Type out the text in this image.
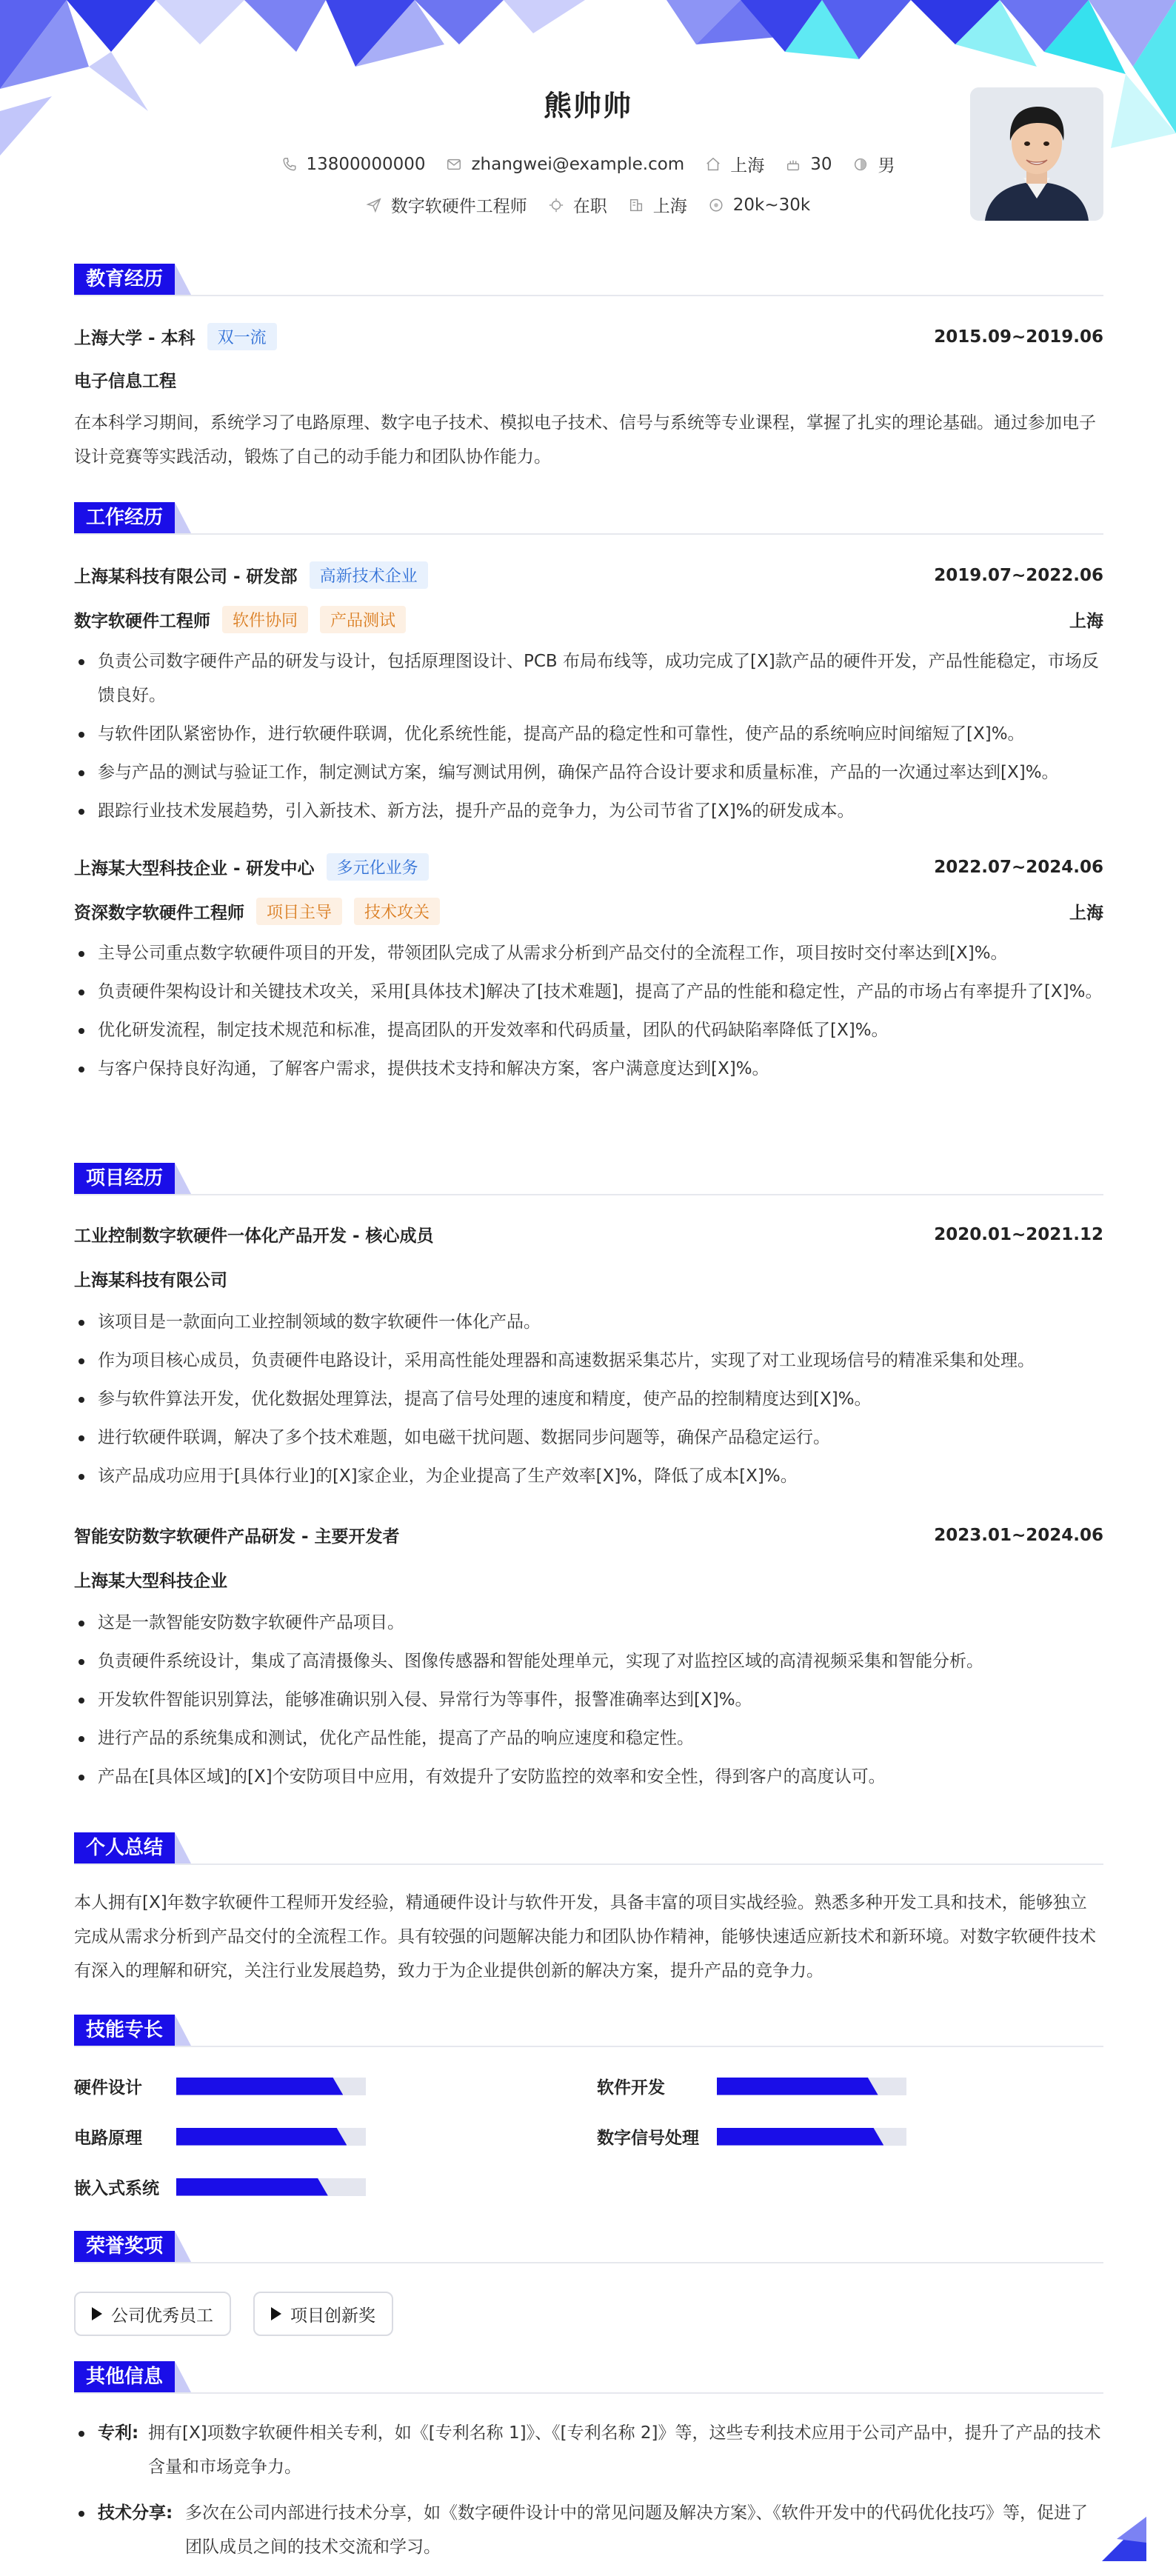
熊帅帅
13800000000	zhangwei@example.com	上海	30	男
数字软硬件工程师	在职	上海	20k~30k
教育经历
上海大学 - 本科	双一流	2015.09~2019.06
电子信息工程
在本科学习期间，系统学习了电路原理、数字电子技术、模拟电子技术、信号与系统等专业课程，掌握了扎实的理论基础。通过参加电子设计竞赛等实践活动，锻炼了自己的动手能力和团队协作能力。
工作经历
上海某科技有限公司 - 研发部	高新技术企业	2019.07~2022.06
数字软硬件工程师	软件协同	产品测试	上海
负责公司数字硬件产品的研发与设计，包括原理图设计、PCB 布局布线等，成功完成了[X]款产品的硬件开发，产品性能稳定，市场反馈良好。
与软件团队紧密协作，进行软硬件联调，优化系统性能，提高产品的稳定性和可靠性，使产品的系统响应时间缩短了[X]%。
参与产品的测试与验证工作，制定测试方案，编写测试用例，确保产品符合设计要求和质量标准，产品的一次通过率达到[X]%。
跟踪行业技术发展趋势，引入新技术、新方法，提升产品的竞争力，为公司节省了[X]%的研发成本。
上海某大型科技企业 - 研发中心	多元化业务	2022.07~2024.06
资深数字软硬件工程师	项目主导	技术攻关	上海
主导公司重点数字软硬件项目的开发，带领团队完成了从需求分析到产品交付的全流程工作，项目按时交付率达到[X]%。
负责硬件架构设计和关键技术攻关，采用[具体技术]解决了[技术难题]，提高了产品的性能和稳定性，产品的市场占有率提升了[X]%。
优化研发流程，制定技术规范和标准，提高团队的开发效率和代码质量，团队的代码缺陷率降低了[X]%。
与客户保持良好沟通，了解客户需求，提供技术支持和解决方案，客户满意度达到[X]%。
项目经历
工业控制数字软硬件一体化产品开发 - 核心成员	2020.01~2021.12
上海某科技有限公司
该项目是一款面向工业控制领域的数字软硬件一体化产品。
作为项目核心成员，负责硬件电路设计，采用高性能处理器和高速数据采集芯片，实现了对工业现场信号的精准采集和处理。
参与软件算法开发，优化数据处理算法，提高了信号处理的速度和精度，使产品的控制精度达到[X]%。
进行软硬件联调，解决了多个技术难题，如电磁干扰问题、数据同步问题等，确保产品稳定运行。
该产品成功应用于[具体行业]的[X]家企业，为企业提高了生产效率[X]%，降低了成本[X]%。
智能安防数字软硬件产品研发 - 主要开发者	2023.01~2024.06
上海某大型科技企业
这是一款智能安防数字软硬件产品项目。
负责硬件系统设计，集成了高清摄像头、图像传感器和智能处理单元，实现了对监控区域的高清视频采集和智能分析。
开发软件智能识别算法，能够准确识别入侵、异常行为等事件，报警准确率达到[X]%。
进行产品的系统集成和测试，优化产品性能，提高了产品的响应速度和稳定性。
产品在[具体区域]的[X]个安防项目中应用，有效提升了安防监控的效率和安全性，得到客户的高度认可。
个人总结
本人拥有[X]年数字软硬件工程师开发经验，精通硬件设计与软件开发，具备丰富的项目实战经验。熟悉多种开发工具和技术，能够独立完成从需求分析到产品交付的全流程工作。具有较强的问题解决能力和团队协作精神，能够快速适应新技术和新环境。对数字软硬件技术有深入的理解和研究，关注行业发展趋势，致力于为企业提供创新的解决方案，提升产品的竞争力。
技能专长
硬件设计	软件开发
电路原理	数字信号处理
嵌入式系统
荣誉奖项
公司优秀员工	项目创新奖
其他信息
专利: 拥有[X]项数字软硬件相关专利，如《[专利名称 1]》、《[专利名称 2]》等，这些专利技术应用于公司产品中，提升了产品的技术含量和市场竞争力。
技术分享: 多次在公司内部进行技术分享，如《数字硬件设计中的常见问题及解决方案》、《软件开发中的代码优化技巧》等，促进了团队成员之间的技术交流和学习。
